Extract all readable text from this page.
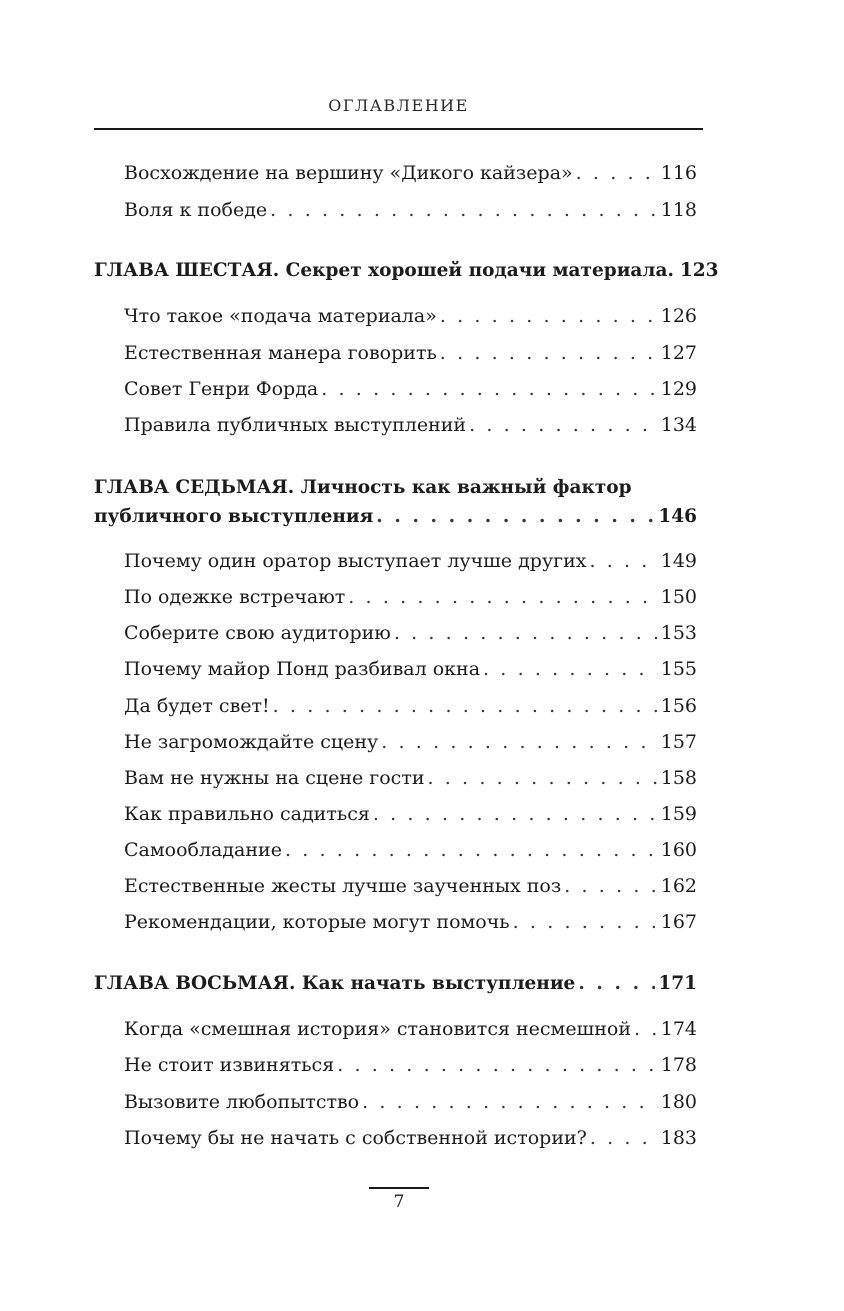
ОГЛАВЛЕНИЕ
Восхождение на вершину «Дикого кайзера» . . .	116
Воля к победе . . .	118
ГЛАВА ШЕСТАЯ. Секрет хорошей подачи материала. 123
Что такое «подача материала» . . .	126
Естественная манера говорить . . .	127
Совет Генри Форда . . .	129
Правила публичных выступлений . . .	134
ГЛАВА СЕДЬМАЯ. Личность как важный фактор
публичного выступления . . .	146
Почему один оратор выступает лучше других . . .	149
По одежке встречают . . .	150
Соберите свою аудиторию . . .	153
Почему майор Понд разбивал окна . . .	155
Да будет свет! . . .	156
Не загромождайте сцену . . .	157
Вам не нужны на сцене гости . . .	158
Как правильно садиться . . .	159
Самообладание . . .	160
Естественные жесты лучше заученных поз . . .	162
Рекомендации, которые могут помочь . . .	167
ГЛАВА ВОСЬМАЯ. Как начать выступление . . .	171
Когда «смешная история» становится несмешной . . . 174
Не стоит извиняться . . .	178
Вызовите любопытство . . .	180
Почему бы не начать с собственной истории? . . .	183
7
